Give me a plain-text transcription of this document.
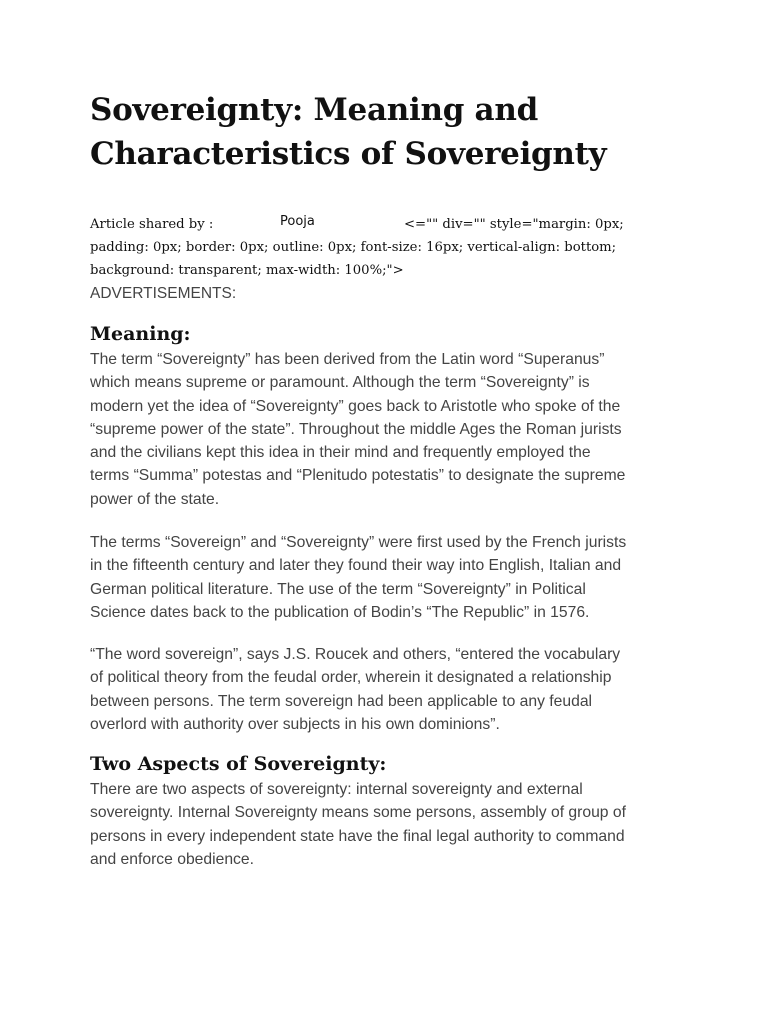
Sovereignty: Meaning and
Characteristics of Sovereignty
Article shared by :	<="" div="" style="margin: 0px;
Pooja
padding: 0px; border: 0px; outline: 0px; font-size: 16px; vertical-align: bottom;
background: transparent; max-width: 100%;">
ADVERTISEMENTS:
Meaning:

The term “Sovereignty” has been derived from the Latin word “Superanus”
which means supreme or paramount. Although the term “Sovereignty” is
modern yet the idea of “Sovereignty” goes back to Aristotle who spoke of the
“supreme power of the state”. Throughout the middle Ages the Roman jurists
and the civilians kept this idea in their mind and frequently employed the
terms “Summa” potestas and “Plenitudo potestatis” to designate the supreme
power of the state.

The terms “Sovereign” and “Sovereignty” were first used by the French jurists
in the fifteenth century and later they found their way into English, Italian and
German political literature. The use of the term “Sovereignty” in Political
Science dates back to the publication of Bodin’s “The Republic” in 1576.

“The word sovereign”, says J.S. Roucek and others, “entered the vocabulary
of political theory from the feudal order, wherein it designated a relationship
between persons. The term sovereign had been applicable to any feudal
overlord with authority over subjects in his own dominions”.

Two Aspects of Sovereignty:

There are two aspects of sovereignty: internal sovereignty and external
sovereignty. Internal Sovereignty means some persons, assembly of group of
persons in every independent state have the final legal authority to command
and enforce obedience.
